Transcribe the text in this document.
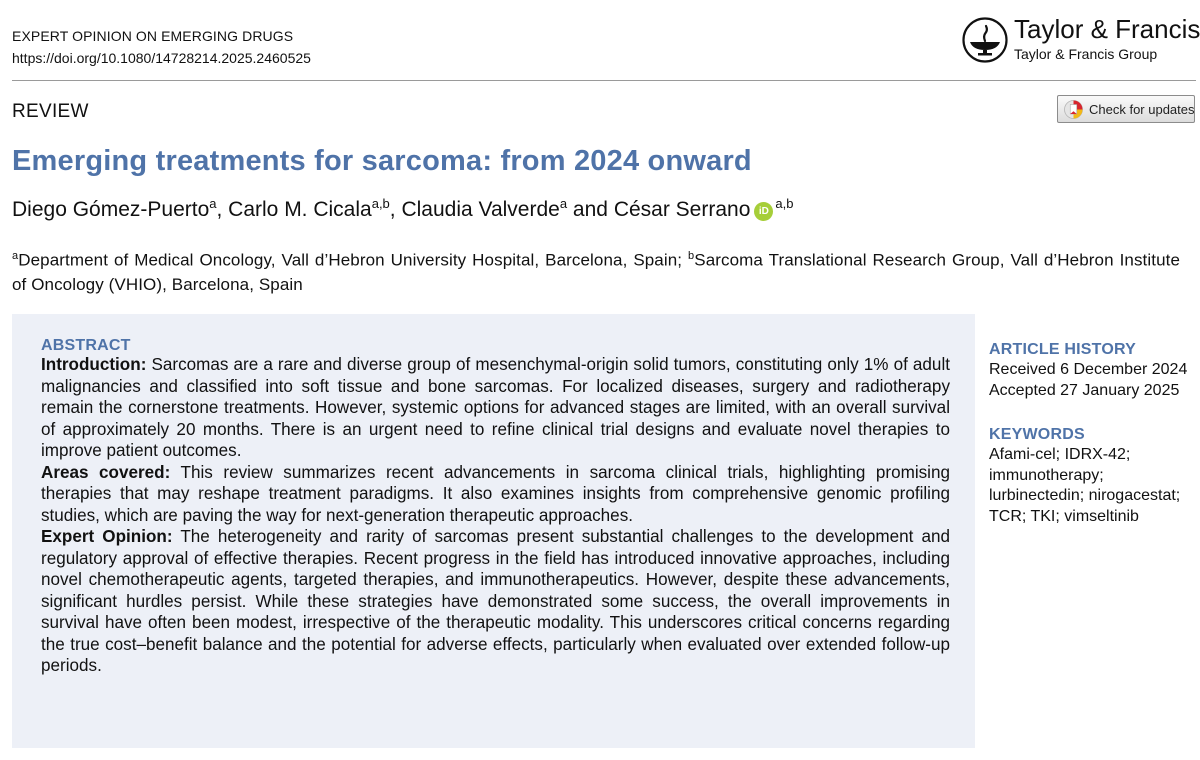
EXPERT OPINION ON EMERGING DRUGS
https://doi.org/10.1080/14728214.2025.2460525
Taylor & Francis
Taylor & Francis Group
REVIEW	Check for updates
Emerging treatments for sarcoma: from 2024 onward
Diego Gómez-Puerto$^a$, Carlo M. Cicala$^{a,b}$, Claudia Valverde$^a$ and César Serrano iD$^{a,b}$
$^a$Department of Medical Oncology, Vall d’Hebron University Hospital, Barcelona, Spain; $^b$Sarcoma Translational Research Group, Vall d’Hebron Institute of Oncology (VHIO), Barcelona, Spain
ABSTRACT

Introduction: Sarcomas are a rare and diverse group of mesenchymal-origin solid tumors, constituting only 1% of adult malignancies and classified into soft tissue and bone sarcomas. For localized diseases, surgery and radiotherapy remain the cornerstone treatments. However, systemic options for advanced stages are limited, with an overall survival of approximately 20 months. There is an urgent need to refine clinical trial designs and evaluate novel therapies to improve patient outcomes.

Areas covered: This review summarizes recent advancements in sarcoma clinical trials, highlighting promising therapies that may reshape treatment paradigms. It also examines insights from comprehensive genomic profiling studies, which are paving the way for next-generation therapeutic approaches.

Expert Opinion: The heterogeneity and rarity of sarcomas present substantial challenges to the development and regulatory approval of effective therapies. Recent progress in the field has introduced innovative approaches, including novel chemotherapeutic agents, targeted therapies, and immunotherapeutics. However, despite these advancements, significant hurdles persist. While these strategies have demonstrated some success, the overall improvements in survival have often been modest, irrespective of the therapeutic modality. This underscores critical concerns regarding the true cost–benefit balance and the potential for adverse effects, particularly when evaluated over extended follow-up periods.

ARTICLE HISTORY

Received 6 December 2024

Accepted 27 January 2025

KEYWORDS

Afami-cel; IDRX-42;

immunotherapy;

lurbinectedin; nirogacestat;

TCR; TKI; vimseltinib
